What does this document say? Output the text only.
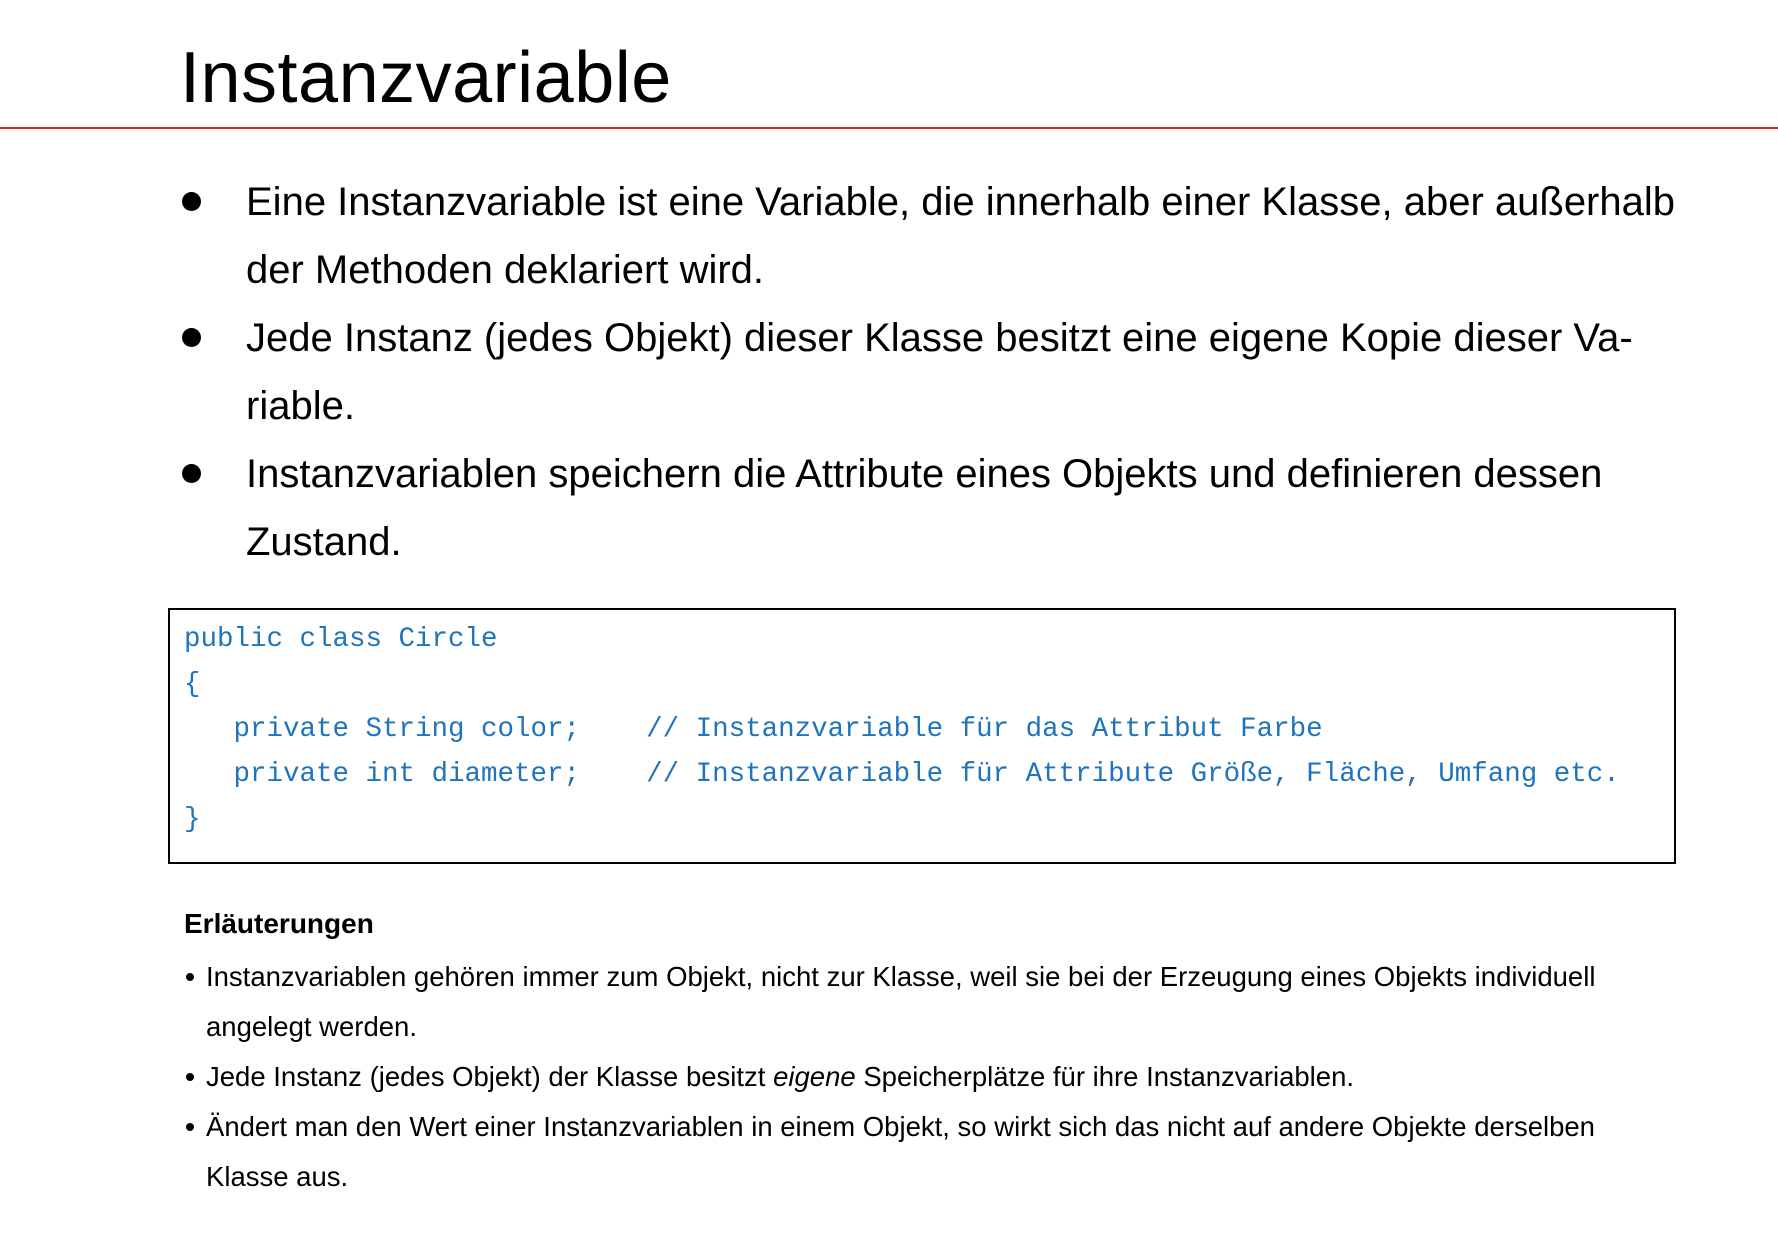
Instanzvariable
Eine Instanzvariable ist eine Variable, die innerhalb einer Klasse, aber außerhalb
der Methoden deklariert wird.
Jede Instanz (jedes Objekt) dieser Klasse besitzt eine eigene Kopie dieser Va-
riable.
Instanzvariablen speichern die Attribute eines Objekts und definieren dessen
Zustand.
public class Circle
{
private String color;    // Instanzvariable für das Attribut Farbe
private int diameter;    // Instanzvariable für Attribute Größe, Fläche, Umfang etc.
}
Erläuterungen
Instanzvariablen gehören immer zum Objekt, nicht zur Klasse, weil sie bei der Erzeugung eines Objekts individuell
angelegt werden.
Jede Instanz (jedes Objekt) der Klasse besitzt eigene Speicherplätze für ihre Instanzvariablen.
Ändert man den Wert einer Instanzvariablen in einem Objekt, so wirkt sich das nicht auf andere Objekte derselben
Klasse aus.
